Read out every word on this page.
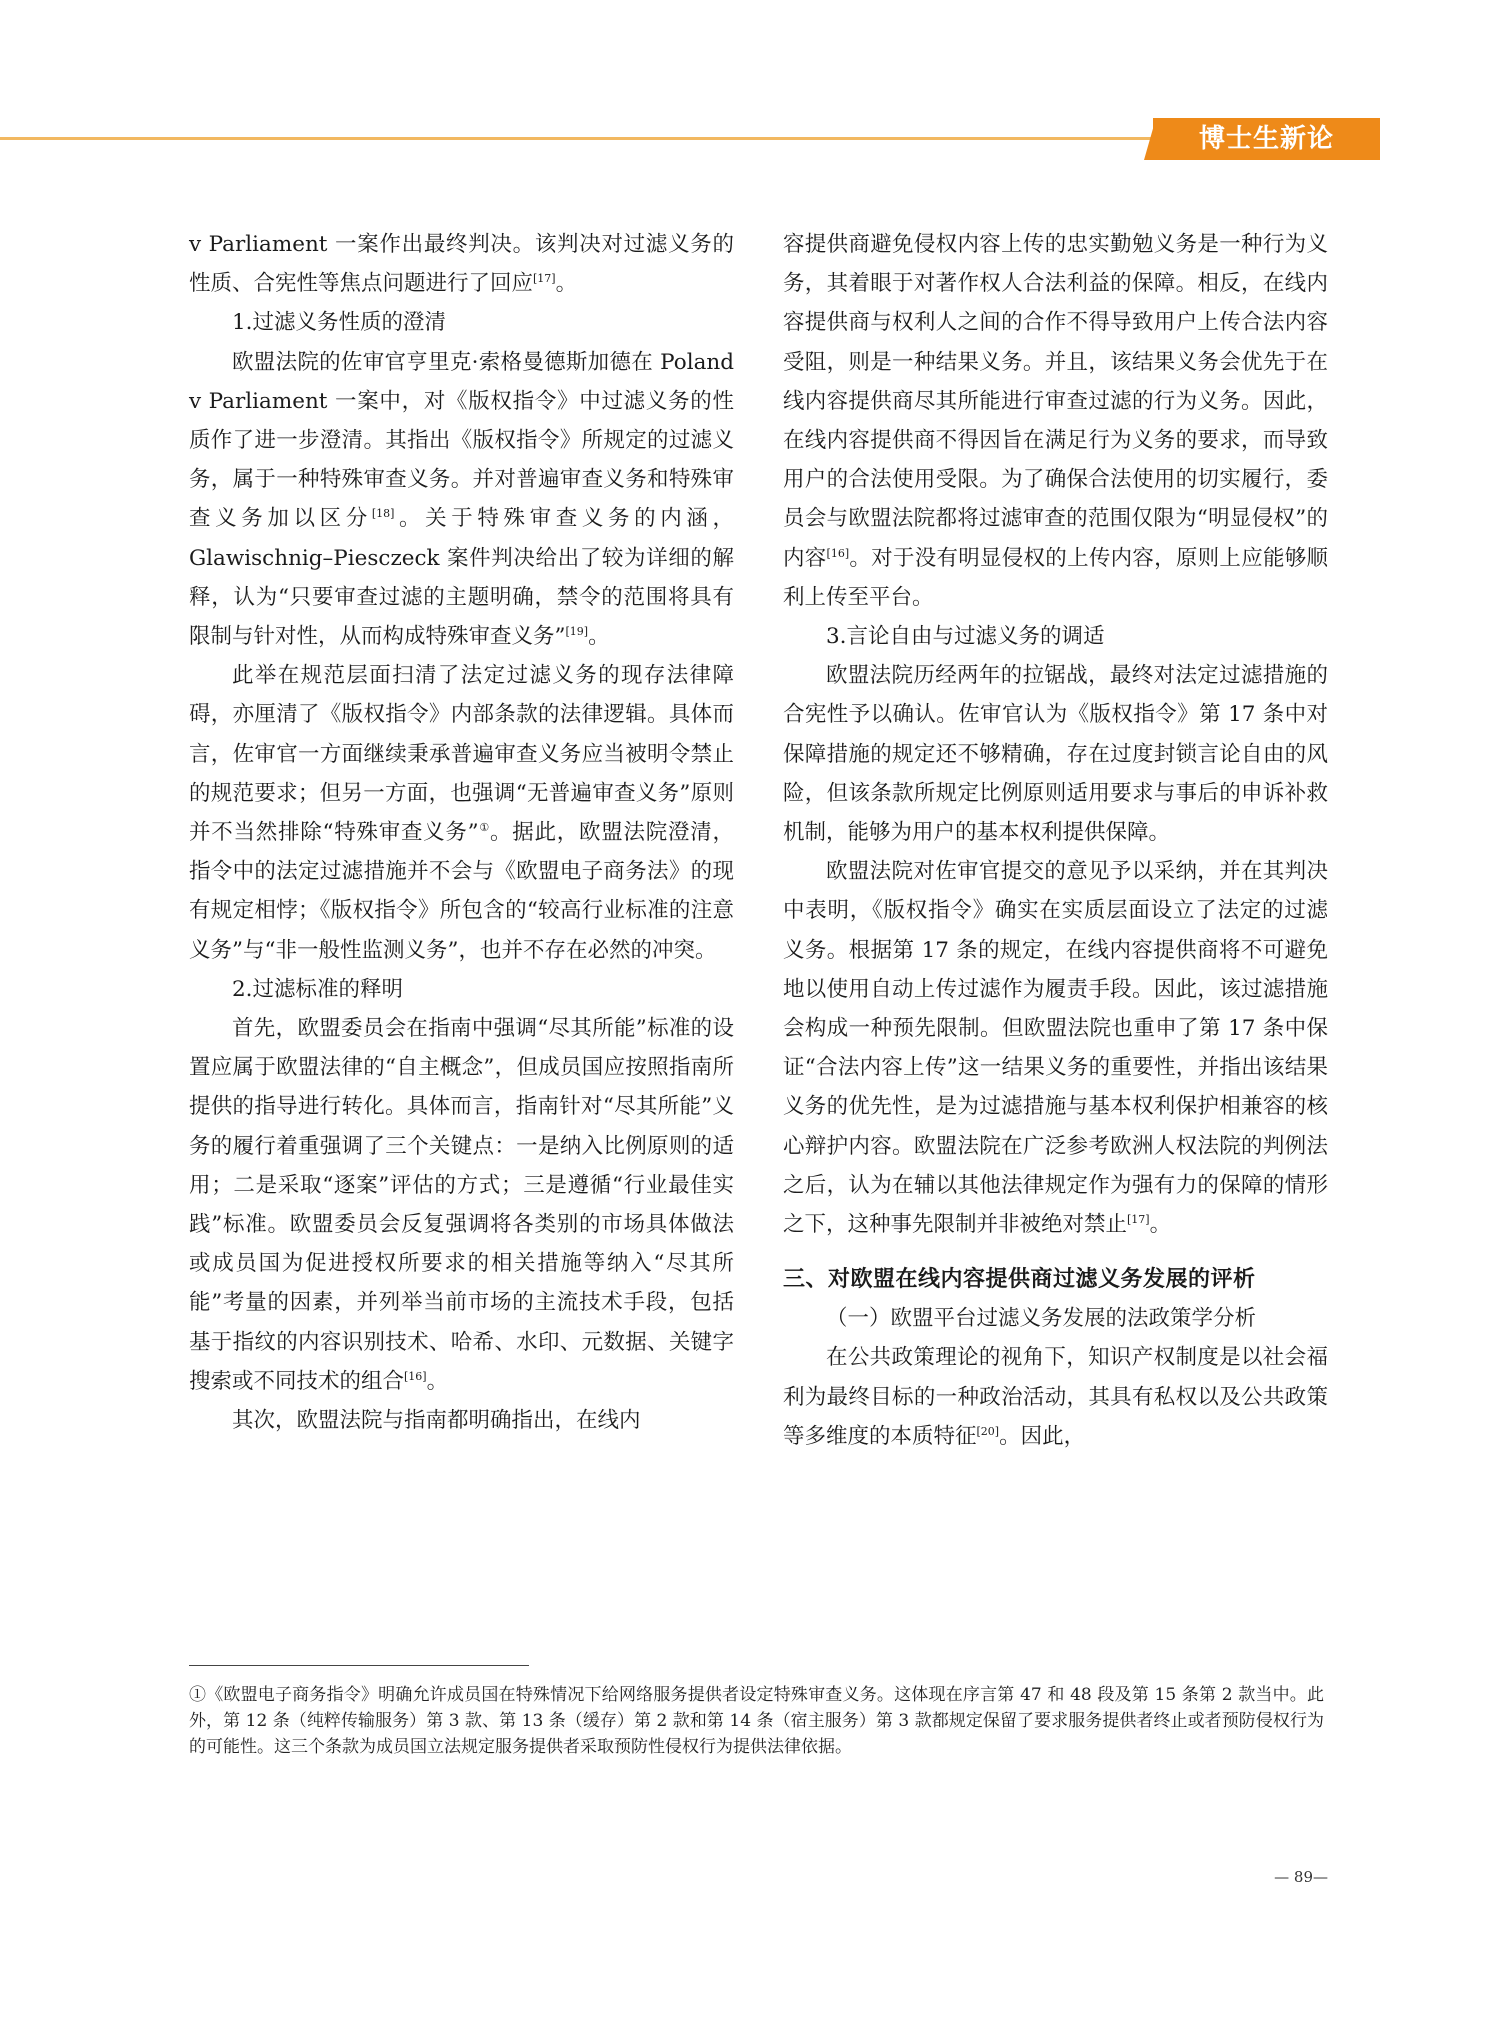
博士生新论

v Parliament 一案作出最终判决。该判决对过滤义务的性质、合宪性等焦点问题进行了回应[17]。

1.过滤义务性质的澄清

欧盟法院的佐审官亨里克·索格曼德斯加德在 Poland v Parliament 一案中，对《版权指令》中过滤义务的性质作了进一步澄清。其指出《版权指令》所规定的过滤义务，属于一种特殊审查义务。并对普遍审查义务和特殊审查义务加以区分[18]。关于特殊审查义务的内涵，Glawischnig–Piesczeck 案件判决给出了较为详细的解释，认为“只要审查过滤的主题明确，禁令的范围将具有限制与针对性，从而构成特殊审查义务”[19]。

此举在规范层面扫清了法定过滤义务的现存法律障碍，亦厘清了《版权指令》内部条款的法律逻辑。具体而言，佐审官一方面继续秉承普遍审查义务应当被明令禁止的规范要求；但另一方面，也强调“无普遍审查义务”原则并不当然排除“特殊审查义务”①。据此，欧盟法院澄清，指令中的法定过滤措施并不会与《欧盟电子商务法》的现有规定相悖；《版权指令》所包含的“较高行业标准的注意义务”与“非一般性监测义务”，也并不存在必然的冲突。

2.过滤标准的释明

首先，欧盟委员会在指南中强调“尽其所能”标准的设置应属于欧盟法律的“自主概念”，但成员国应按照指南所提供的指导进行转化。具体而言，指南针对“尽其所能”义务的履行着重强调了三个关键点：一是纳入比例原则的适用；二是采取“逐案”评估的方式；三是遵循“行业最佳实践”标准。欧盟委员会反复强调将各类别的市场具体做法或成员国为促进授权所要求的相关措施等纳入“尽其所能”考量的因素，并列举当前市场的主流技术手段，包括基于指纹的内容识别技术、哈希、水印、元数据、关键字搜索或不同技术的组合[16]。

其次，欧盟法院与指南都明确指出，在线内

容提供商避免侵权内容上传的忠实勤勉义务是一种行为义务，其着眼于对著作权人合法利益的保障。相反，在线内容提供商与权利人之间的合作不得导致用户上传合法内容受阻，则是一种结果义务。并且，该结果义务会优先于在线内容提供商尽其所能进行审查过滤的行为义务。因此，在线内容提供商不得因旨在满足行为义务的要求，而导致用户的合法使用受限。为了确保合法使用的切实履行，委员会与欧盟法院都将过滤审查的范围仅限为“明显侵权”的内容[16]。对于没有明显侵权的上传内容，原则上应能够顺利上传至平台。

3.言论自由与过滤义务的调适

欧盟法院历经两年的拉锯战，最终对法定过滤措施的合宪性予以确认。佐审官认为《版权指令》第 17 条中对保障措施的规定还不够精确，存在过度封锁言论自由的风险，但该条款所规定比例原则适用要求与事后的申诉补救机制，能够为用户的基本权利提供保障。

欧盟法院对佐审官提交的意见予以采纳，并在其判决中表明，《版权指令》确实在实质层面设立了法定的过滤义务。根据第 17 条的规定，在线内容提供商将不可避免地以使用自动上传过滤作为履责手段。因此，该过滤措施会构成一种预先限制。但欧盟法院也重申了第 17 条中保证“合法内容上传”这一结果义务的重要性，并指出该结果义务的优先性，是为过滤措施与基本权利保护相兼容的核心辩护内容。欧盟法院在广泛参考欧洲人权法院的判例法之后，认为在辅以其他法律规定作为强有力的保障的情形之下，这种事先限制并非被绝对禁止[17]。

三、对欧盟在线内容提供商过滤义务发展的评析

（一）欧盟平台过滤义务发展的法政策学分析

在公共政策理论的视角下，知识产权制度是以社会福利为最终目标的一种政治活动，其具有私权以及公共政策等多维度的本质特征[20]。因此，

①《欧盟电子商务指令》明确允许成员国在特殊情况下给网络服务提供者设定特殊审查义务。这体现在序言第 47 和 48 段及第 15 条第 2 款当中。此外，第 12 条（纯粹传输服务）第 3 款、第 13 条（缓存）第 2 款和第 14 条（宿主服务）第 3 款都规定保留了要求服务提供者终止或者预防侵权行为的可能性。这三个条款为成员国立法规定服务提供者采取预防性侵权行为提供法律依据。
— 89—
